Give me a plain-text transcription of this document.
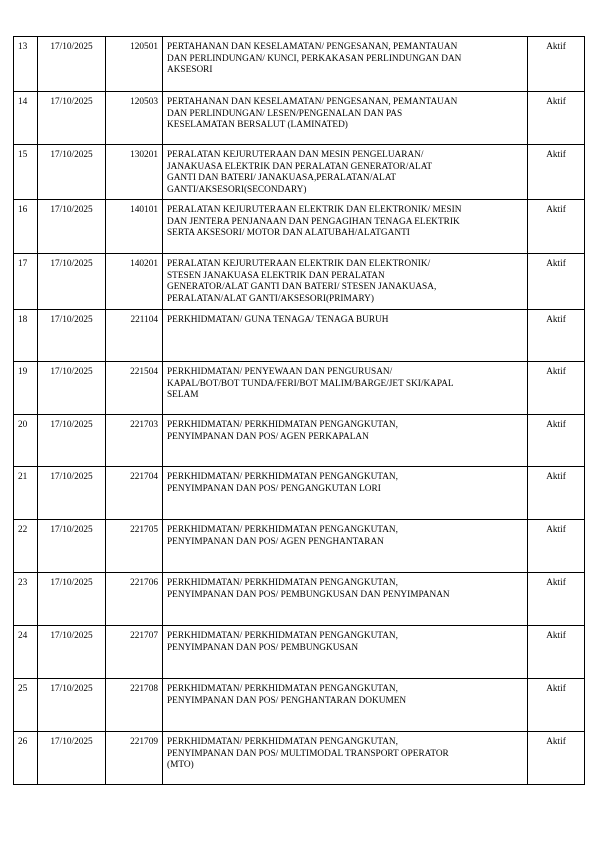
13	17/10/2025	120501	PERTAHANAN DAN KESELAMATAN/ PENGESANAN, PEMANTAUAN
DAN PERLINDUNGAN/ KUNCI, PERKAKASAN PERLINDUNGAN DAN
AKSESORI	Aktif
14	17/10/2025	120503	PERTAHANAN DAN KESELAMATAN/ PENGESANAN, PEMANTAUAN
DAN PERLINDUNGAN/ LESEN/PENGENALAN DAN PAS
KESELAMATAN BERSALUT (LAMINATED)	Aktif
15	17/10/2025	130201	PERALATAN KEJURUTERAAN DAN MESIN PENGELUARAN/
JANAKUASA ELEKTRIK DAN PERALATAN GENERATOR/ALAT
GANTI DAN BATERI/ JANAKUASA,PERALATAN/ALAT
GANTI/AKSESORI(SECONDARY)	Aktif
16	17/10/2025	140101	PERALATAN KEJURUTERAAN ELEKTRIK DAN ELEKTRONIK/ MESIN
DAN JENTERA PENJANAAN DAN PENGAGIHAN TENAGA ELEKTRIK
SERTA AKSESORI/ MOTOR DAN ALATUBAH/ALATGANTI	Aktif
17	17/10/2025	140201	PERALATAN KEJURUTERAAN ELEKTRIK DAN ELEKTRONIK/
STESEN JANAKUASA ELEKTRIK DAN PERALATAN
GENERATOR/ALAT GANTI DAN BATERI/ STESEN JANAKUASA,
PERALATAN/ALAT GANTI/AKSESORI(PRIMARY)	Aktif
18	17/10/2025	221104	PERKHIDMATAN/ GUNA TENAGA/ TENAGA BURUH	Aktif
19	17/10/2025	221504	PERKHIDMATAN/ PENYEWAAN DAN PENGURUSAN/
KAPAL/BOT/BOT TUNDA/FERI/BOT MALIM/BARGE/JET SKI/KAPAL
SELAM	Aktif
20	17/10/2025	221703	PERKHIDMATAN/ PERKHIDMATAN PENGANGKUTAN,
PENYIMPANAN DAN POS/ AGEN PERKAPALAN	Aktif
21	17/10/2025	221704	PERKHIDMATAN/ PERKHIDMATAN PENGANGKUTAN,
PENYIMPANAN DAN POS/ PENGANGKUTAN LORI	Aktif
22	17/10/2025	221705	PERKHIDMATAN/ PERKHIDMATAN PENGANGKUTAN,
PENYIMPANAN DAN POS/ AGEN PENGHANTARAN	Aktif
23	17/10/2025	221706	PERKHIDMATAN/ PERKHIDMATAN PENGANGKUTAN,
PENYIMPANAN DAN POS/ PEMBUNGKUSAN DAN PENYIMPANAN	Aktif
24	17/10/2025	221707	PERKHIDMATAN/ PERKHIDMATAN PENGANGKUTAN,
PENYIMPANAN DAN POS/ PEMBUNGKUSAN	Aktif
25	17/10/2025	221708	PERKHIDMATAN/ PERKHIDMATAN PENGANGKUTAN,
PENYIMPANAN DAN POS/ PENGHANTARAN DOKUMEN	Aktif
26	17/10/2025	221709	PERKHIDMATAN/ PERKHIDMATAN PENGANGKUTAN,
PENYIMPANAN DAN POS/ MULTIMODAL TRANSPORT OPERATOR
(MTO)	Aktif
